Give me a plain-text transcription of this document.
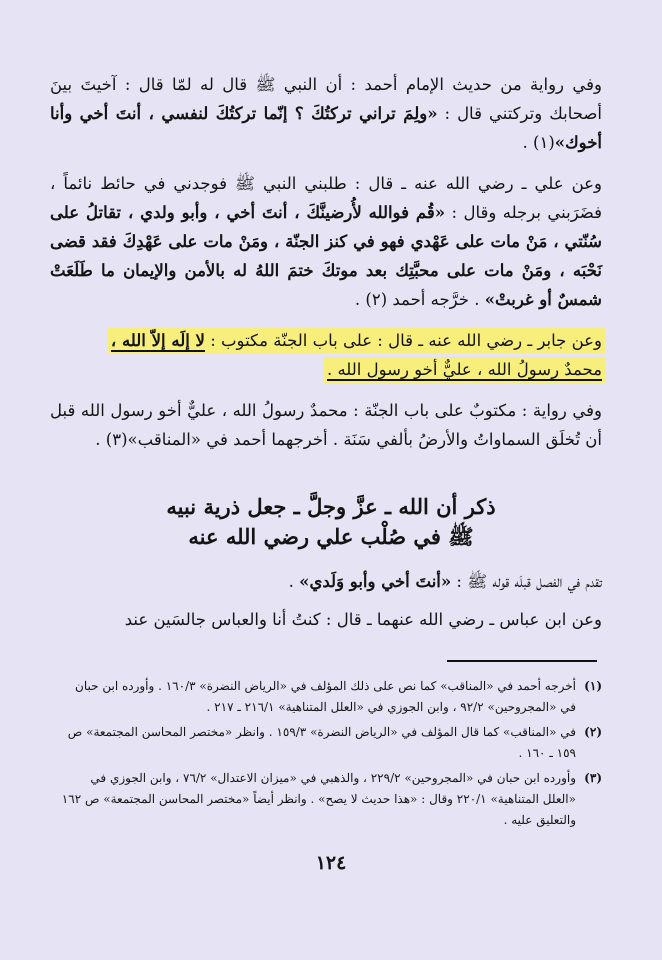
وفي رواية من حديث الإمام أحمد : أن النبي ﷺ قال له لمّا قال : آخيتَ بينَ أصحابك وتركتني قال : «ولِمَ تراني تركتُكَ ؟ إنّما تركتُكَ لنفسي ، أنتَ أخي وأنا أخوك»(١) .

وعن علي ـ رضي الله عنه ـ قال : طلبني النبي ﷺ فوجدني في حائط نائماً ، فضَرَبني برجله وقال : «قُم فوالله لأُرضينَّكَ ، أنتَ أخي ، وأبو ولدي ، تقاتلُ على سُنّتي ، مَنْ مات على عَهْدي فهو في كنز الجنّة ، ومَنْ مات على عَهْدِكَ فقد قضى نَحْبَه ، ومَنْ مات على محبَّتِك بعد موتكَ ختمَ اللهُ له بالأمن والإيمان ما طَلَعَتْ شمسٌ أو غربتْ» . خرَّجه أحمد (٢) .

وعن جابر ـ رضي الله عنه ـ قال : على باب الجنّة مكتوب : لا إلَه إلاّ الله ،
محمدٌ رسولُ الله ، عليٌّ أخو رسول الله .

وفي رواية : مكتوبٌ على باب الجنّة : محمدٌ رسولُ الله ، عليٌّ أخو رسول الله قبل أن تُخلَق السماواتُ والأرضُ بألفي سَنَة . أخرجهما أحمد في «المناقب»(٣) .

ذكر أن الله ـ عزَّ وجلَّ ـ جعل ذرية نبيه
ﷺ في صُلْب علي رضي الله عنه

تقدم في الفصل قبلَه قوله ﷺ : «أنتَ أخي وأبو وَلَدي» .

وعن ابن عباس ـ رضي الله عنهما ـ قال : كنتُ أنا والعباس جالسَين عند

(١)
أخرجه أحمد في «المناقب» كما نص على ذلك المؤلف في «الرياض النضرة» ١٦٠/٣ . وأورده ابن حبان في «المجروحين» ٩٢/٢ ، وابن الجوزي في «العلل المتناهية» ٢١٦/١ ـ ٢١٧ .
(٢)
في «المناقب» كما قال المؤلف في «الرياض النضرة» ١٥٩/٣ . وانظر «مختصر المحاسن المجتمعة» ص ١٥٩ ـ ١٦٠ .
(٣)
وأورده ابن حبان في «المجروحين» ٢٢٩/٢ ، والذهبي في «ميزان الاعتدال» ٧٦/٢ ، وابن الجوزي في «العلل المتناهية» ٢٢٠/١ وقال : «هذا حديث لا يصح» . وانظر أيضاً «مختصر المحاسن المجتمعة» ص ١٦٢ والتعليق عليه .
١٢٤
